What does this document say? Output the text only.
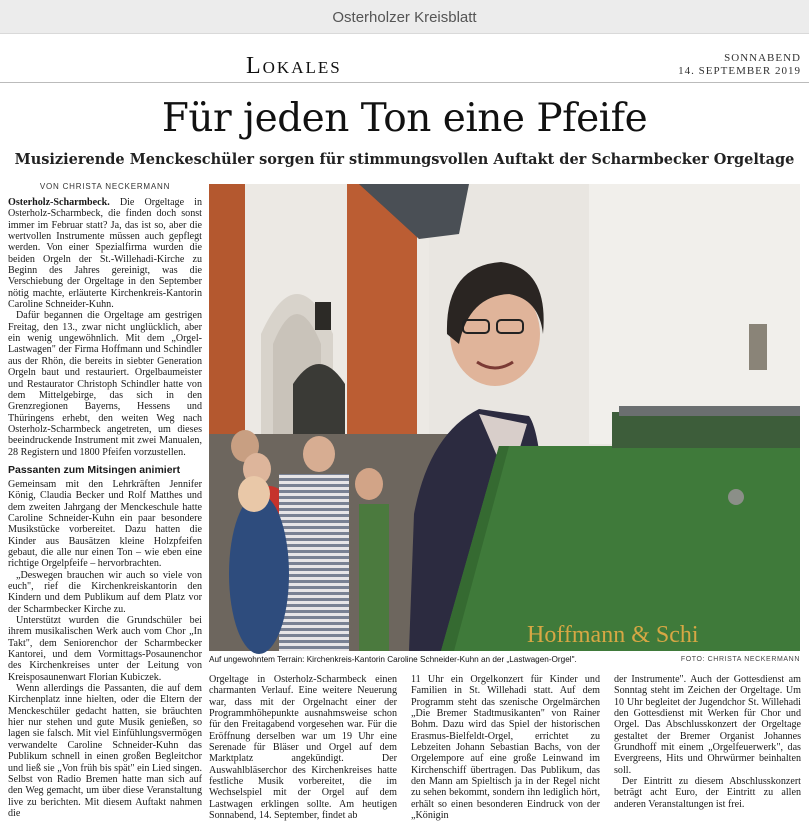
Osterholzer Kreisblatt
Lokales	SONNABEND
14. SEPTEMBER 2019
Für jeden Ton eine Pfeife
Musizierende Menckeschüler sorgen für stimmungsvollen Auftakt der Scharmbecker Orgeltage
VON CHRISTA NECKERMANN

Osterholz-Scharmbeck. Die Orgeltage in Osterholz-Scharmbeck, die finden doch sonst immer im Februar statt? Ja, das ist so, aber die wertvollen Instrumente müssen auch gepflegt werden. Von einer Spezialfirma wurden die beiden Orgeln der St.-Willehadi-Kirche zu Beginn des Jahres gereinigt, was die Verschiebung der Orgeltage in den September nötig machte, erläuterte Kirchenkreis-Kantorin Caroline Schneider-Kuhn.

Dafür begannen die Orgeltage am gestrigen Freitag, den 13., zwar nicht unglücklich, aber ein wenig ungewöhnlich. Mit dem „Orgel-Lastwagen" der Firma Hoffmann und Schindler aus der Rhön, die bereits in siebter Generation Orgeln baut und restauriert. Orgelbaumeister und Restaurator Christoph Schindler hatte von dem Mittelgebirge, das sich in den Grenzregionen Bayerns, Hessens und Thüringens erhebt, den weiten Weg nach Osterholz-Scharmbeck angetreten, um dieses beeindruckende Instrument mit zwei Manualen, 28 Registern und 1800 Pfeifen vorzustellen.

Passanten zum Mitsingen animiert

Gemeinsam mit den Lehrkräften Jennifer König, Claudia Becker und Rolf Matthes und dem zweiten Jahrgang der Menckeschule hatte Caroline Schneider-Kuhn ein paar besondere Musikstücke vorbereitet. Dazu hatten die Kinder aus Bausätzen kleine Holzpfeifen gebaut, die alle nur einen Ton – wie eben eine richtige Orgelpfeife – hervorbrachten.

„Deswegen brauchen wir auch so viele von euch", rief die Kirchenkreiskantorin den Kindern und dem Publikum auf dem Platz vor der Scharmbecker Kirche zu.

Unterstützt wurden die Grundschüler bei ihrem musikalischen Werk auch vom Chor „In Takt", dem Seniorenchor der Scharmbecker Kantorei, und dem Vormittags-Posaunenchor des Kirchenkreises unter der Leitung von Kreisposaunenwart Florian Kubiczek.

Wenn allerdings die Passanten, die auf dem Kirchenplatz inne hielten, oder die Eltern der Menckeschüler gedacht hatten, sie bräuchten hier nur stehen und gute Musik genießen, so lagen sie falsch. Mit viel Einfühlungsvermögen verwandelte Caroline Schneider-Kuhn das Publikum schnell in einen großen Begleitchor und ließ sie „Von früh bis spät" ein Lied singen. Selbst von Radio Bremen hatte man sich auf den Weg gemacht, um über diese Veranstaltung live zu berichten. Mit diesem Auftakt nahmen die

Hoffmann & Schi
Auf ungewohntem Terrain: Kirchenkreis-Kantorin Caroline Schneider-Kuhn an der „Lastwagen-Orgel".	FOTO: CHRISTA NECKERMANN

Orgeltage in Osterholz-Scharmbeck einen charmanten Verlauf. Eine weitere Neuerung war, dass mit der Orgelnacht einer der Programmhöhepunkte ausnahmsweise schon für den Freitagabend vorgesehen war. Für die Eröffnung derselben war um 19 Uhr eine Serenade für Bläser und Orgel auf dem Marktplatz angekündigt. Der Auswahlbläserchor des Kirchenkreises hatte festliche Musik vorbereitet, die im Wechselspiel mit der Orgel auf dem Lastwagen erklingen sollte. Am heutigen Sonnabend, 14. September, findet ab

11 Uhr ein Orgelkonzert für Kinder und Familien in St. Willehadi statt. Auf dem Programm steht das szenische Orgelmärchen „Die Bremer Stadtmusikanten" von Rainer Bohm. Dazu wird das Spiel der historischen Erasmus-Bielfeldt-Orgel, errichtet zu Lebzeiten Johann Sebastian Bachs, von der Orgelempore auf eine große Leinwand im Kirchenschiff übertragen. Das Publikum, das den Mann am Spieltisch ja in der Regel nicht zu sehen bekommt, sondern ihn lediglich hört, erhält so einen besonderen Eindruck von der „Königin

der Instrumente". Auch der Gottesdienst am Sonntag steht im Zeichen der Orgeltage. Um 10 Uhr begleitet der Jugendchor St. Willehadi den Gottesdienst mit Werken für Chor und Orgel. Das Abschlusskonzert der Orgeltage gestaltet der Bremer Organist Johannes Grundhoff mit einem „Orgelfeuerwerk", das Evergreens, Hits und Ohrwürmer beinhalten soll.

Der Eintritt zu diesem Abschlusskonzert beträgt acht Euro, der Eintritt zu allen anderen Veranstaltungen ist frei.
